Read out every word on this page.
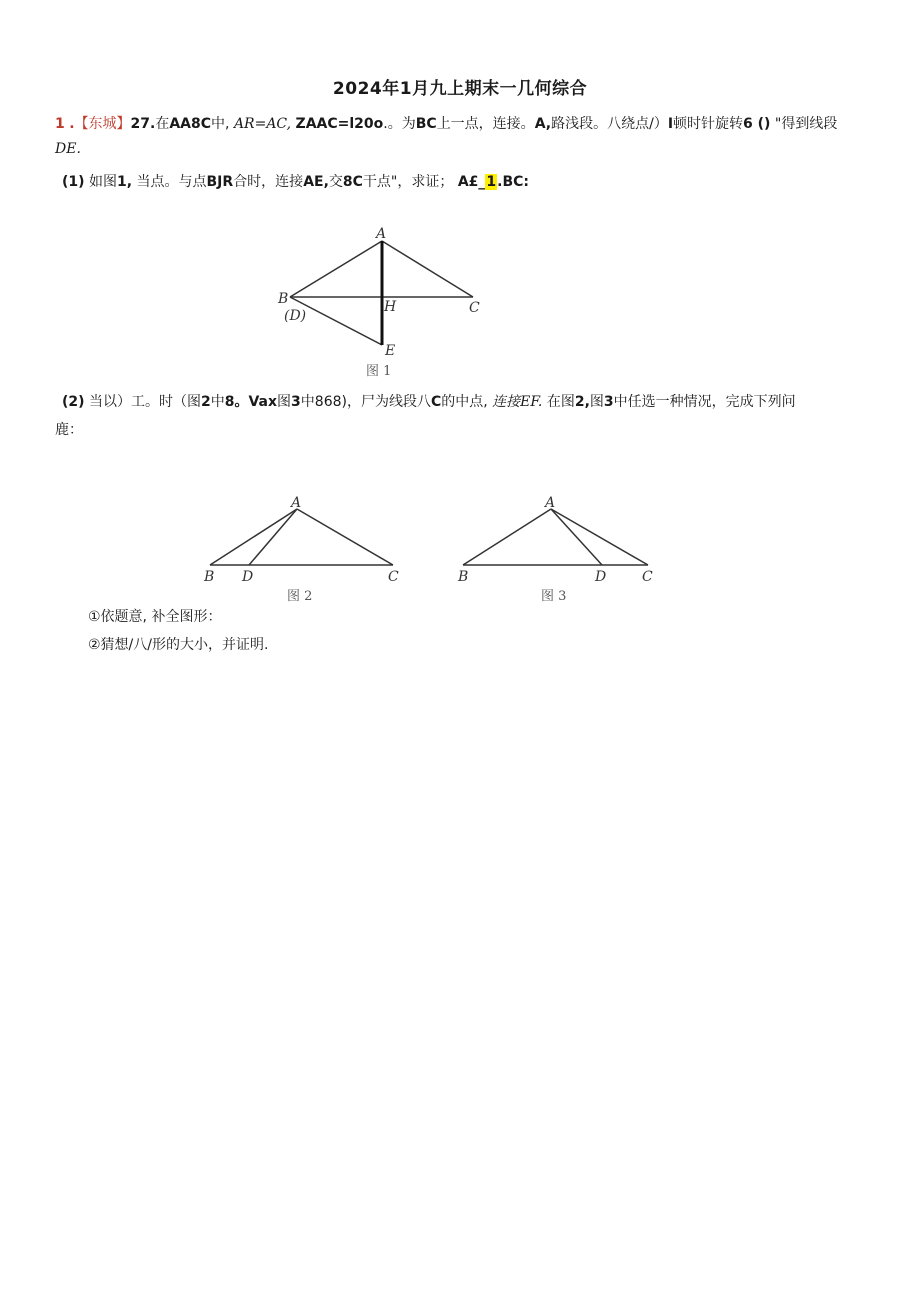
2024年1月九上期末一几何综合
1 .【东城】27.在AA8C中, AR=AC, ZAAC=l20o.。为BC上一点，连接。A,路浅段。八绕点/）I顿时针旋转6 () "得到线段
DE.
(1) 如图1, 当点。与点BJR合时，连接AE,交8C干点"，求证； A£_1.BC:
A
B
(D)
H	C
E
图 1
(2) 当以）工。时（图2中8。Vax图3中868)，尸为线段八C的中点, 连接EF. 在图2,图3中任选一种情况，完成下列问
鹿：
A
B D	C
图 2
A
B	D	C
图 3
①依题意, 补全图形：
②猜想/八/形的大小，并证明.
